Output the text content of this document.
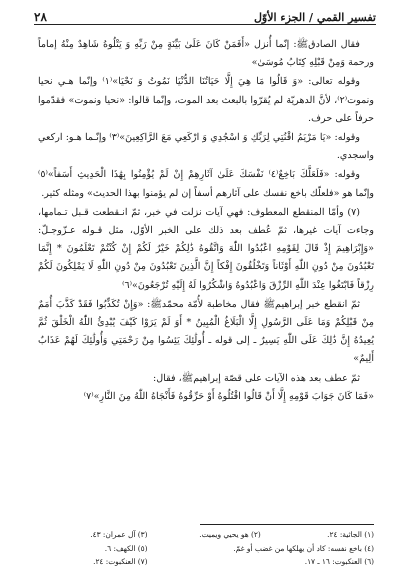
تفسير القمي / الجزء الأوّل
٢٨

فقال الصادقﷺ: إنّما أُنزل «أَفَمَنْ كَانَ عَلَىٰ بَيِّنَةٍ مِنْ رَبِّهِ وَ يَتْلُوهُ شَاهِدٌ مِنْهُ إماماً ورحمة وَمِنْ قَبْلِهِ كِتَابُ مُوسَىٰ»

وقوله تعالى: «وَ قَالُوا مَا هِيَ إِلَّا حَيَاتُنَا الدُّنْيَا نَمُوتُ وَ نَحْيَا»⁽١⁾ وإنّما هـي نحيا ونموت⁽٢⁾، لأنَّ الدهريّة لم يُقرّوا بالبعث بعد الموت، وإنّما قالوا: «نحيا ونموت» فقدّموا حرفاً على حرف.

وقوله: «يَا مَرْيَمُ اقْنُتِي لِرَبِّكِ وَ اسْجُدِي وَ ارْكَعِي مَعَ الرَّاكِعِينَ»⁽٣⁾ وإنّـما هـو: اركعي واسجدي.

وقوله: «فَلَعَلَّكَ بَاخِعٌ⁽٤⁾ نَفْسَكَ عَلَىٰ آثَارِهِمْ إِنْ لَمْ يُؤْمِنُوا بِهَٰذَا الْحَدِيثِ أَسَفاً»⁽٥⁾ وإنّما هو «فلعلّك باخع نفسك على آثارهم أسفاً إن لم يؤمنوا بهذا الحديث» ومثله كثير.

(٧) وأمّا المنقطع المعطوف: فهي آيات نزلت في خبر، ثمّ انـقطعت قـبل تـمامها، وجاءت آيات غيرها، ثمّ عُطف بعد ذلك على الخبر الأوّل، مثل قـوله عـزّوجـلّ: «وَإِبْرَاهِيمَ إِذْ قَالَ لِقَوْمِهِ اعْبُدُوا اللّٰهَ وَاتَّقُوهُ ذَٰلِكُمْ خَيْرٌ لَكُمْ إِنْ كُنْتُمْ تَعْلَمُونَ * إِنَّمَا تَعْبُدُونَ مِنْ دُونِ اللّٰهِ أَوْثَاناً وَتَخْلُقُونَ إِفْكاً إِنَّ الَّذِينَ تَعْبُدُونَ مِنْ دُونِ اللّٰهِ لَا يَمْلِكُونَ لَكُمْ رِزْقاً فَابْتَغُوا عِنْدَ اللّٰهِ الرِّزْقَ وَاعْبُدُوهُ وَاشْكُرُوا لَهُ إِلَيْهِ تُرْجَعُونَ»⁽٦⁾

ثمّ انقطع خبر إبراهيمﷺ فقال مخاطبة لأُمّة محمّدﷺ: «وَإِنْ تُكَذِّبُوا فَقَدْ كَذَّبَ أُمَمٌ مِنْ قَبْلِكُمْ وَمَا عَلَى الرَّسُولِ إِلَّا الْبَلَاغُ الْمُبِينُ * أَوَ لَمْ يَرَوْا كَيْفَ يُبْدِئُ اللّٰهُ الْخَلْقَ ثُمَّ يُعِيدُهُ إِنَّ ذَٰلِكَ عَلَى اللّٰهِ يَسِيرٌ ـ إلى قوله ـ أُولَٰئِكَ يَئِسُوا مِنْ رَحْمَتِي وَأُولَٰئِكَ لَهُمْ عَذَابٌ أَلِيمٌ»

ثمّ عطف بعد هذه الآيات على قصّة إبراهيمﷺ، فقال:

«فَمَا كَانَ جَوَابَ قَوْمِهِ إِلَّا أَنْ قَالُوا اقْتُلُوهُ أَوْ حَرِّقُوهُ فَأَنْجَاهُ اللّٰهُ مِنَ النَّارِ»⁽٧⁾

(١) الجاثية: ٢٤.
(٢) هو يحيي ويميت.
(٣) آل عمران: ٤٣.
(٤) باخع نفسه: كاد أن يهلكها من غضب أو غمّ.
(٥) الكهف: ٦.
(٦) العنكبوت: ١٦ ـ ١٧.
(٧) العنكبوت: ٢٤.
